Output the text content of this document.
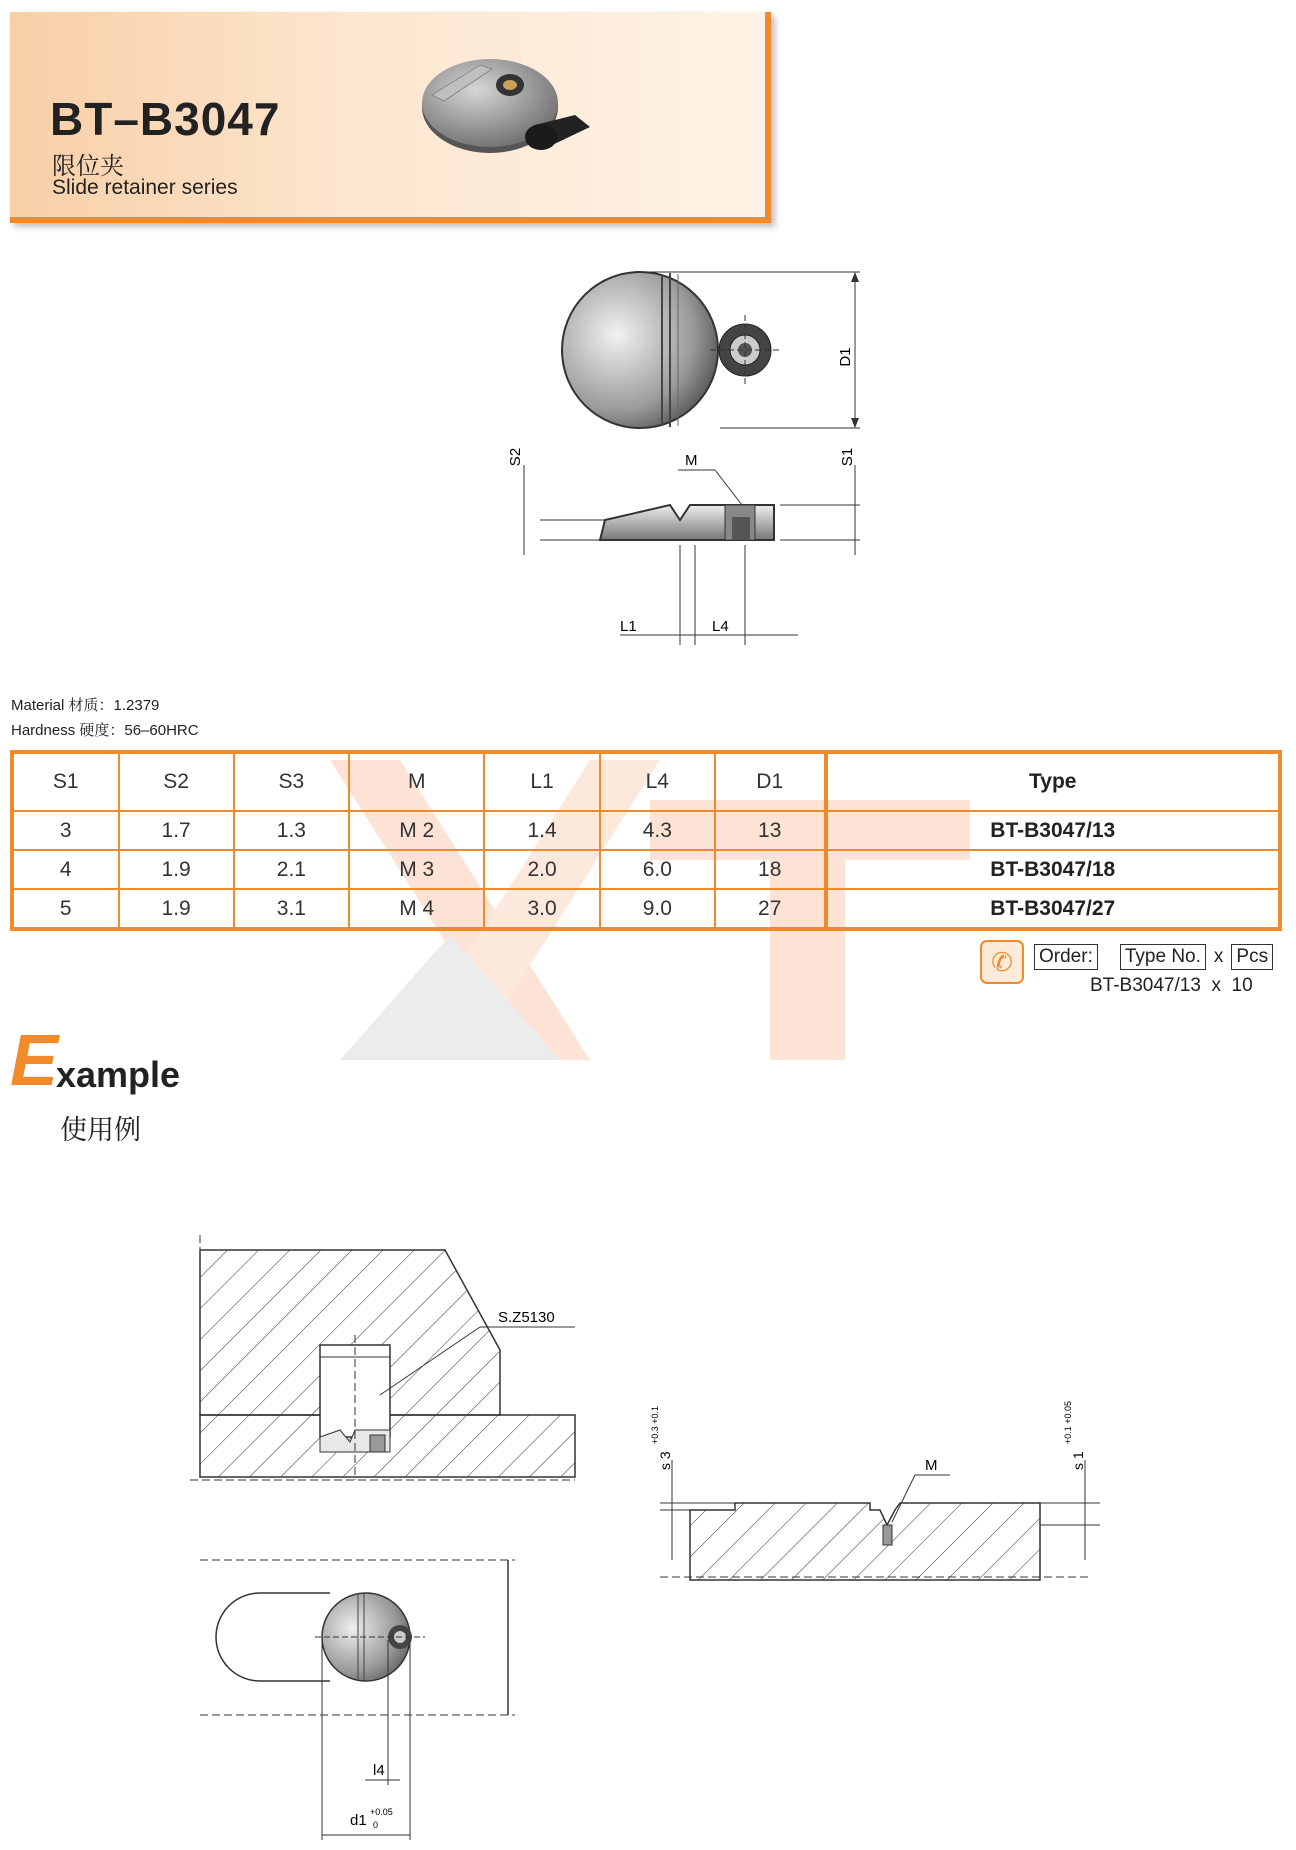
BT–B3047
限位夹
Slide retainer series
D1
S2	S1
M
L1	L4
Material 材质：1.2379
Hardness 硬度：56–60HRC
S1	S2	S3	M	L1	L4	D1	Type
3	1.7	1.3	M 2	1.4	4.3	13	BT-B3047/13
4	1.9	2.1	M 3	2.0	6.0	18	BT-B3047/18
5	1.9	3.1	M 4	3.0	9.0	27	BT-B3047/27
✆	Order: Type No. x Pcs
BT-B3047/13  x  10
E
xample
使用例
S.Z5130
l4
d1 +0.05
0
M
s 3
+0.3 +0.1
s 1
+0.1 +0.05
